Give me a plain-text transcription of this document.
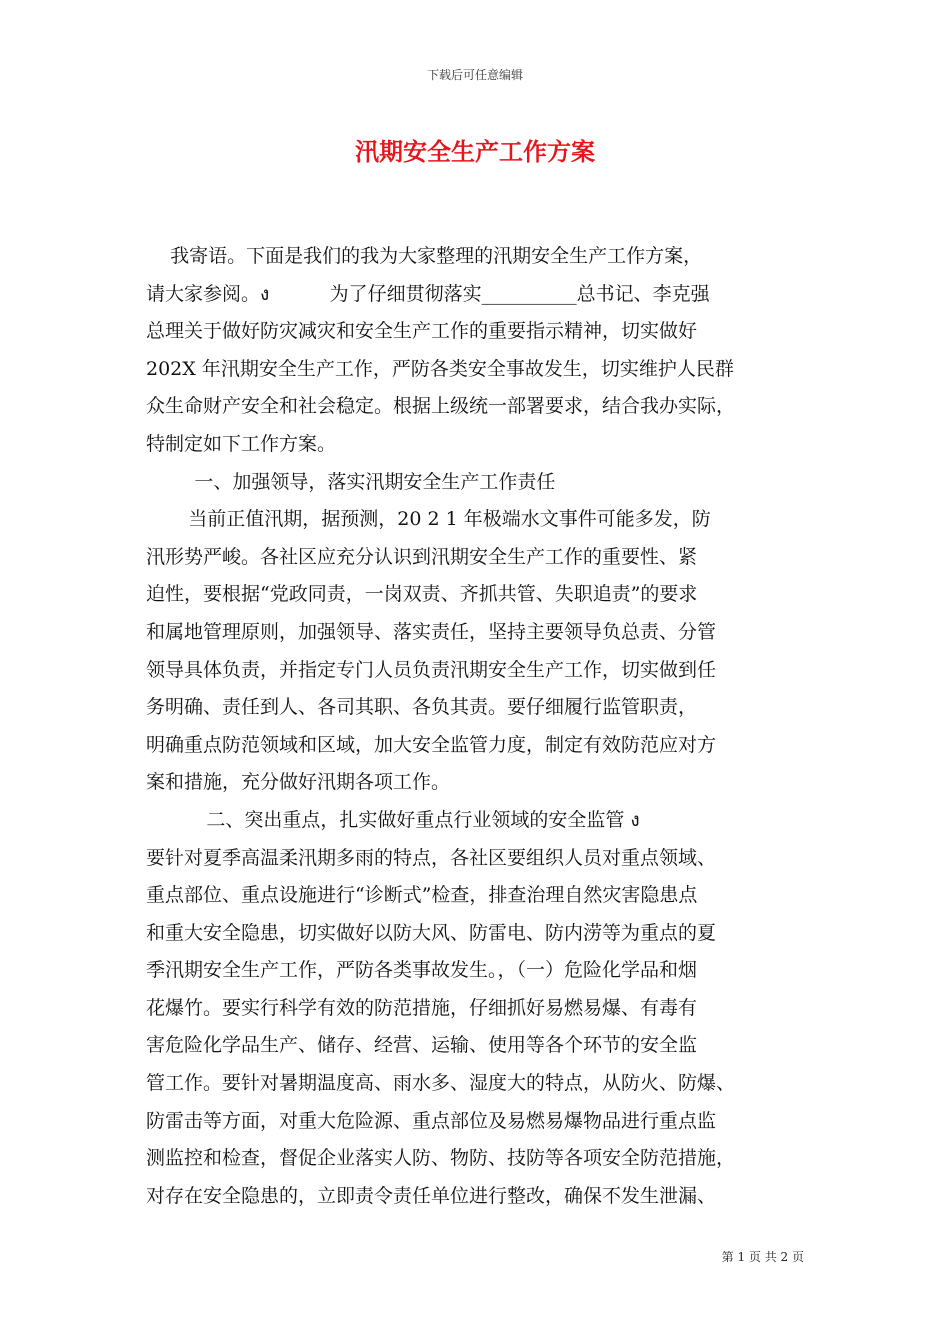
下载后可任意编辑
汛期安全生产工作方案
我寄语。下面是我们的我为大家整理的汛期安全生产工作方案，
请大家参阅。ง          为了仔细贯彻落实__________总书记、李克强
总理关于做好防灾减灾和安全生产工作的重要指示精神，切实做好
202X 年汛期安全生产工作，严防各类安全事故发生，切实维护人民群
众生命财产安全和社会稳定。根据上级统一部署要求，结合我办实际，
特制定如下工作方案。
一、加强领导，落实汛期安全生产工作责任
当前正值汛期，据预测，20 2 1 年极端水文事件可能多发，防
汛形势严峻。各社区应充分认识到汛期安全生产工作的重要性、紧
迫性，要根据“党政同责，一岗双责、齐抓共管、失职追责”的要求
和属地管理原则，加强领导、落实责任，坚持主要领导负总责、分管
领导具体负责，并指定专门人员负责汛期安全生产工作，切实做到任
务明确、责任到人、各司其职、各负其责。要仔细履行监管职责，
明确重点防范领域和区域，加大安全监管力度，制定有效防范应对方
案和措施，充分做好汛期各项工作。
二、突出重点，扎实做好重点行业领域的安全监管 ง
要针对夏季高温柔汛期多雨的特点，各社区要组织人员对重点领域、
重点部位、重点设施进行“诊断式”检查，排查治理自然灾害隐患点
和重大安全隐患，切实做好以防大风、防雷电、防内涝等为重点的夏
季汛期安全生产工作，严防各类事故发生。，（一）危险化学品和烟
花爆竹。要实行科学有效的防范措施，仔细抓好易燃易爆、有毒有
害危险化学品生产、储存、经营、运输、使用等各个环节的安全监
管工作。要针对暑期温度高、雨水多、湿度大的特点，从防火、防爆、
防雷击等方面，对重大危险源、重点部位及易燃易爆物品进行重点监
测监控和检查，督促企业落实人防、物防、技防等各项安全防范措施，
对存在安全隐患的，立即责令责任单位进行整改，确保不发生泄漏、
第 1 页 共 2 页
